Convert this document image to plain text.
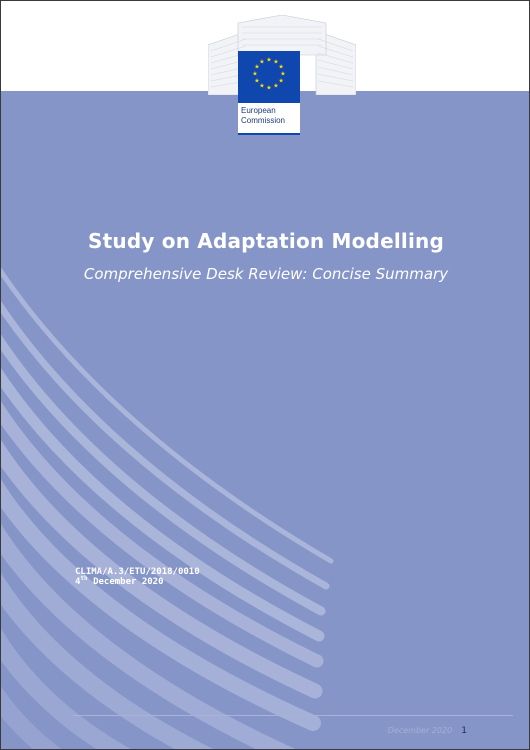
★ ★
★
★
★
★
★
★
★
★
★
★
European
Commission
Study on Adaptation Modelling
Comprehensive Desk Review: Concise Summary
CLIMA/A.3/ETU/2018/0010
4th December 2020
December 2020 1
